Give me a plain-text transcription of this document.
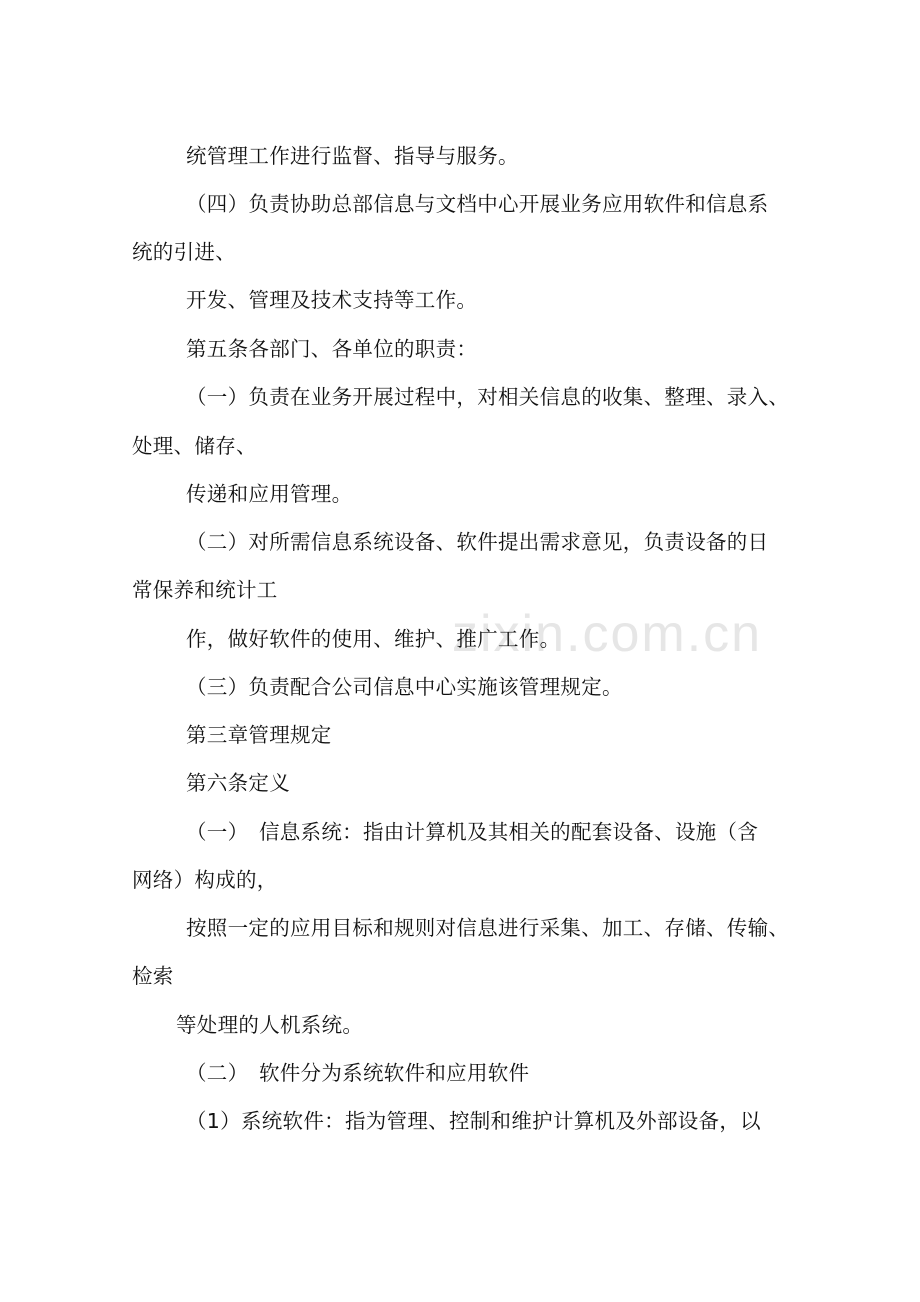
zixin.com.cn
统管理工作进行监督、指导与服务。
（四）负责协助总部信息与文档中心开展业务应用软件和信息系
统的引进、
开发、管理及技术支持等工作。
第五条各部门、各单位的职责：
（一）负责在业务开展过程中，对相关信息的收集、整理、录入、
处理、储存、
传递和应用管理。
（二）对所需信息系统设备、软件提出需求意见，负责设备的日
常保养和统计工
作，做好软件的使用、维护、推广工作。
（三）负责配合公司信息中心实施该管理规定。
第三章管理规定
第六条定义
（一）　信息系统：指由计算机及其相关的配套设备、设施（含
网络）构成的，
按照一定的应用目标和规则对信息进行采集、加工、存储、传输、
检索
等处理的人机系统。
（二）　软件分为系统软件和应用软件
（1）系统软件：指为管理、控制和维护计算机及外部设备，以
